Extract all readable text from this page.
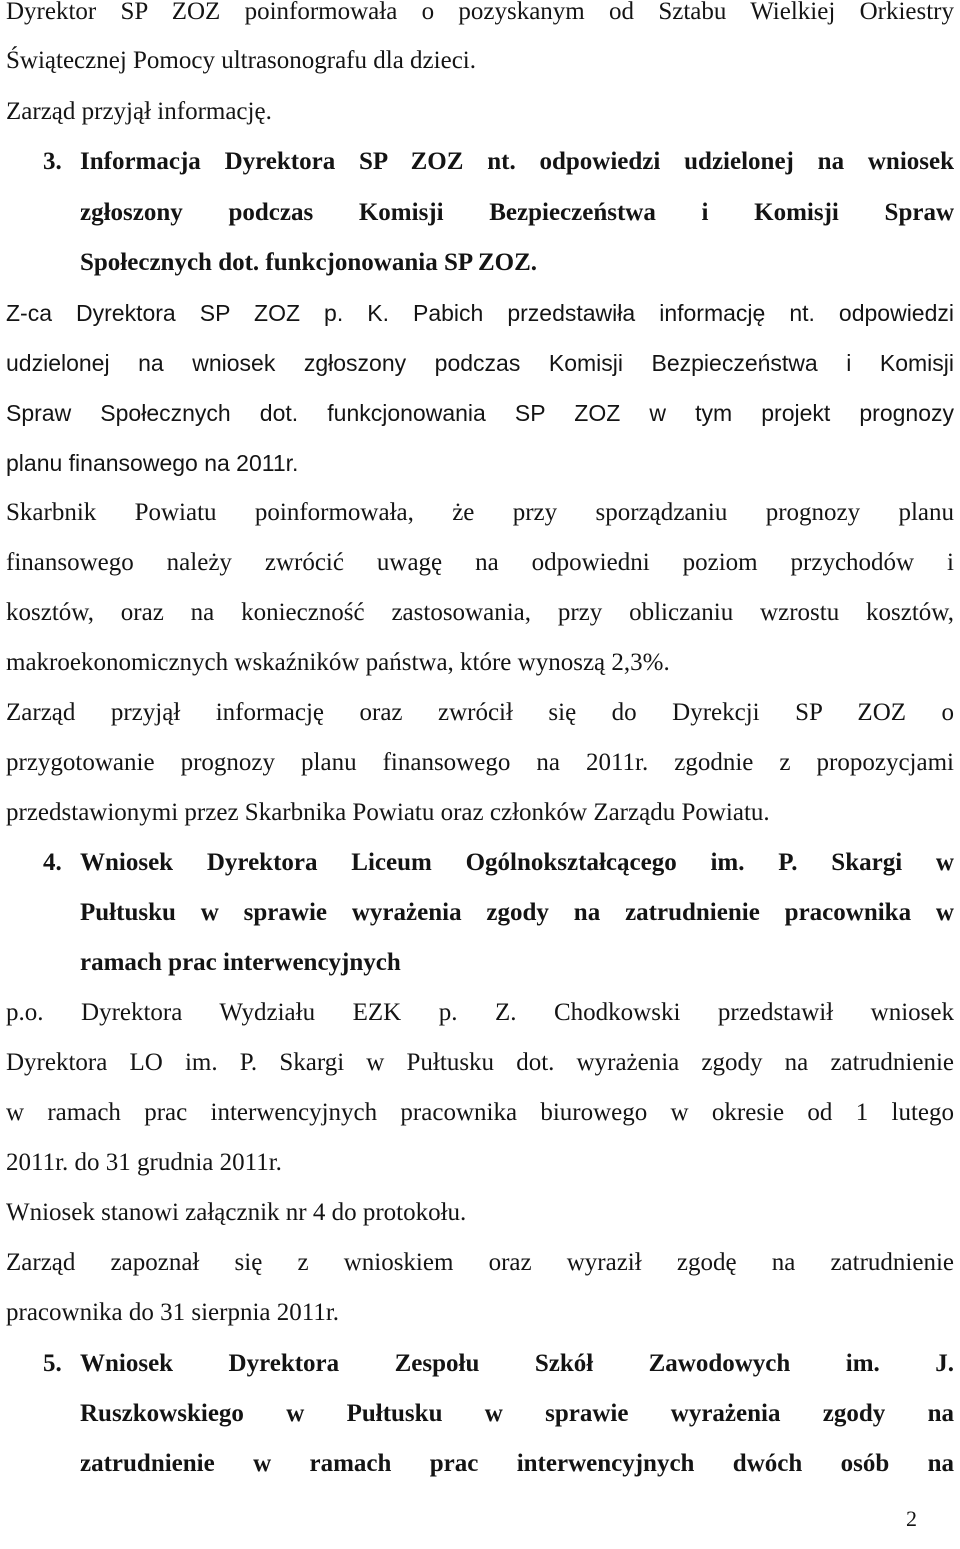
Dyrektor SP ZOZ poinformowała o pozyskanym od Sztabu Wielkiej Orkiestry
Świątecznej Pomocy ultrasonografu dla dzieci.
Zarząd przyjął informację.
3. Informacja Dyrektora SP ZOZ nt. odpowiedzi udzielonej na wniosek
zgłoszony podczas Komisji Bezpieczeństwa i Komisji Spraw
Społecznych dot. funkcjonowania SP ZOZ.
Z-ca Dyrektora SP ZOZ p. K. Pabich przedstawiła informację nt. odpowiedzi
udzielonej na wniosek zgłoszony podczas Komisji Bezpieczeństwa i Komisji
Spraw Społecznych dot. funkcjonowania SP ZOZ w tym projekt prognozy
planu finansowego na 2011r.
Skarbnik Powiatu poinformowała, że przy sporządzaniu prognozy planu
finansowego należy zwrócić uwagę na odpowiedni poziom przychodów i
kosztów, oraz na konieczność zastosowania, przy obliczaniu wzrostu kosztów,
makroekonomicznych wskaźników państwa, które wynoszą 2,3%.
Zarząd przyjął informację oraz zwrócił się do Dyrekcji SP ZOZ o
przygotowanie prognozy planu finansowego na 2011r. zgodnie z propozycjami
przedstawionymi przez Skarbnika Powiatu oraz członków Zarządu Powiatu.
4. Wniosek Dyrektora Liceum Ogólnokształcącego im. P. Skargi w
Pułtusku w sprawie wyrażenia zgody na zatrudnienie pracownika w
ramach prac interwencyjnych
p.o. Dyrektora Wydziału EZK p. Z. Chodkowski przedstawił wniosek
Dyrektora LO im. P. Skargi w Pułtusku dot. wyrażenia zgody na zatrudnienie
w ramach prac interwencyjnych pracownika biurowego w okresie od 1 lutego
2011r. do 31 grudnia 2011r.
Wniosek stanowi załącznik nr 4 do protokołu.
Zarząd zapoznał się z wnioskiem oraz wyraził zgodę na zatrudnienie
pracownika do 31 sierpnia 2011r.
5. Wniosek Dyrektora Zespołu Szkół Zawodowych im. J.
Ruszkowskiego w Pułtusku w sprawie wyrażenia zgody na
zatrudnienie w ramach prac interwencyjnych dwóch osób na
2
